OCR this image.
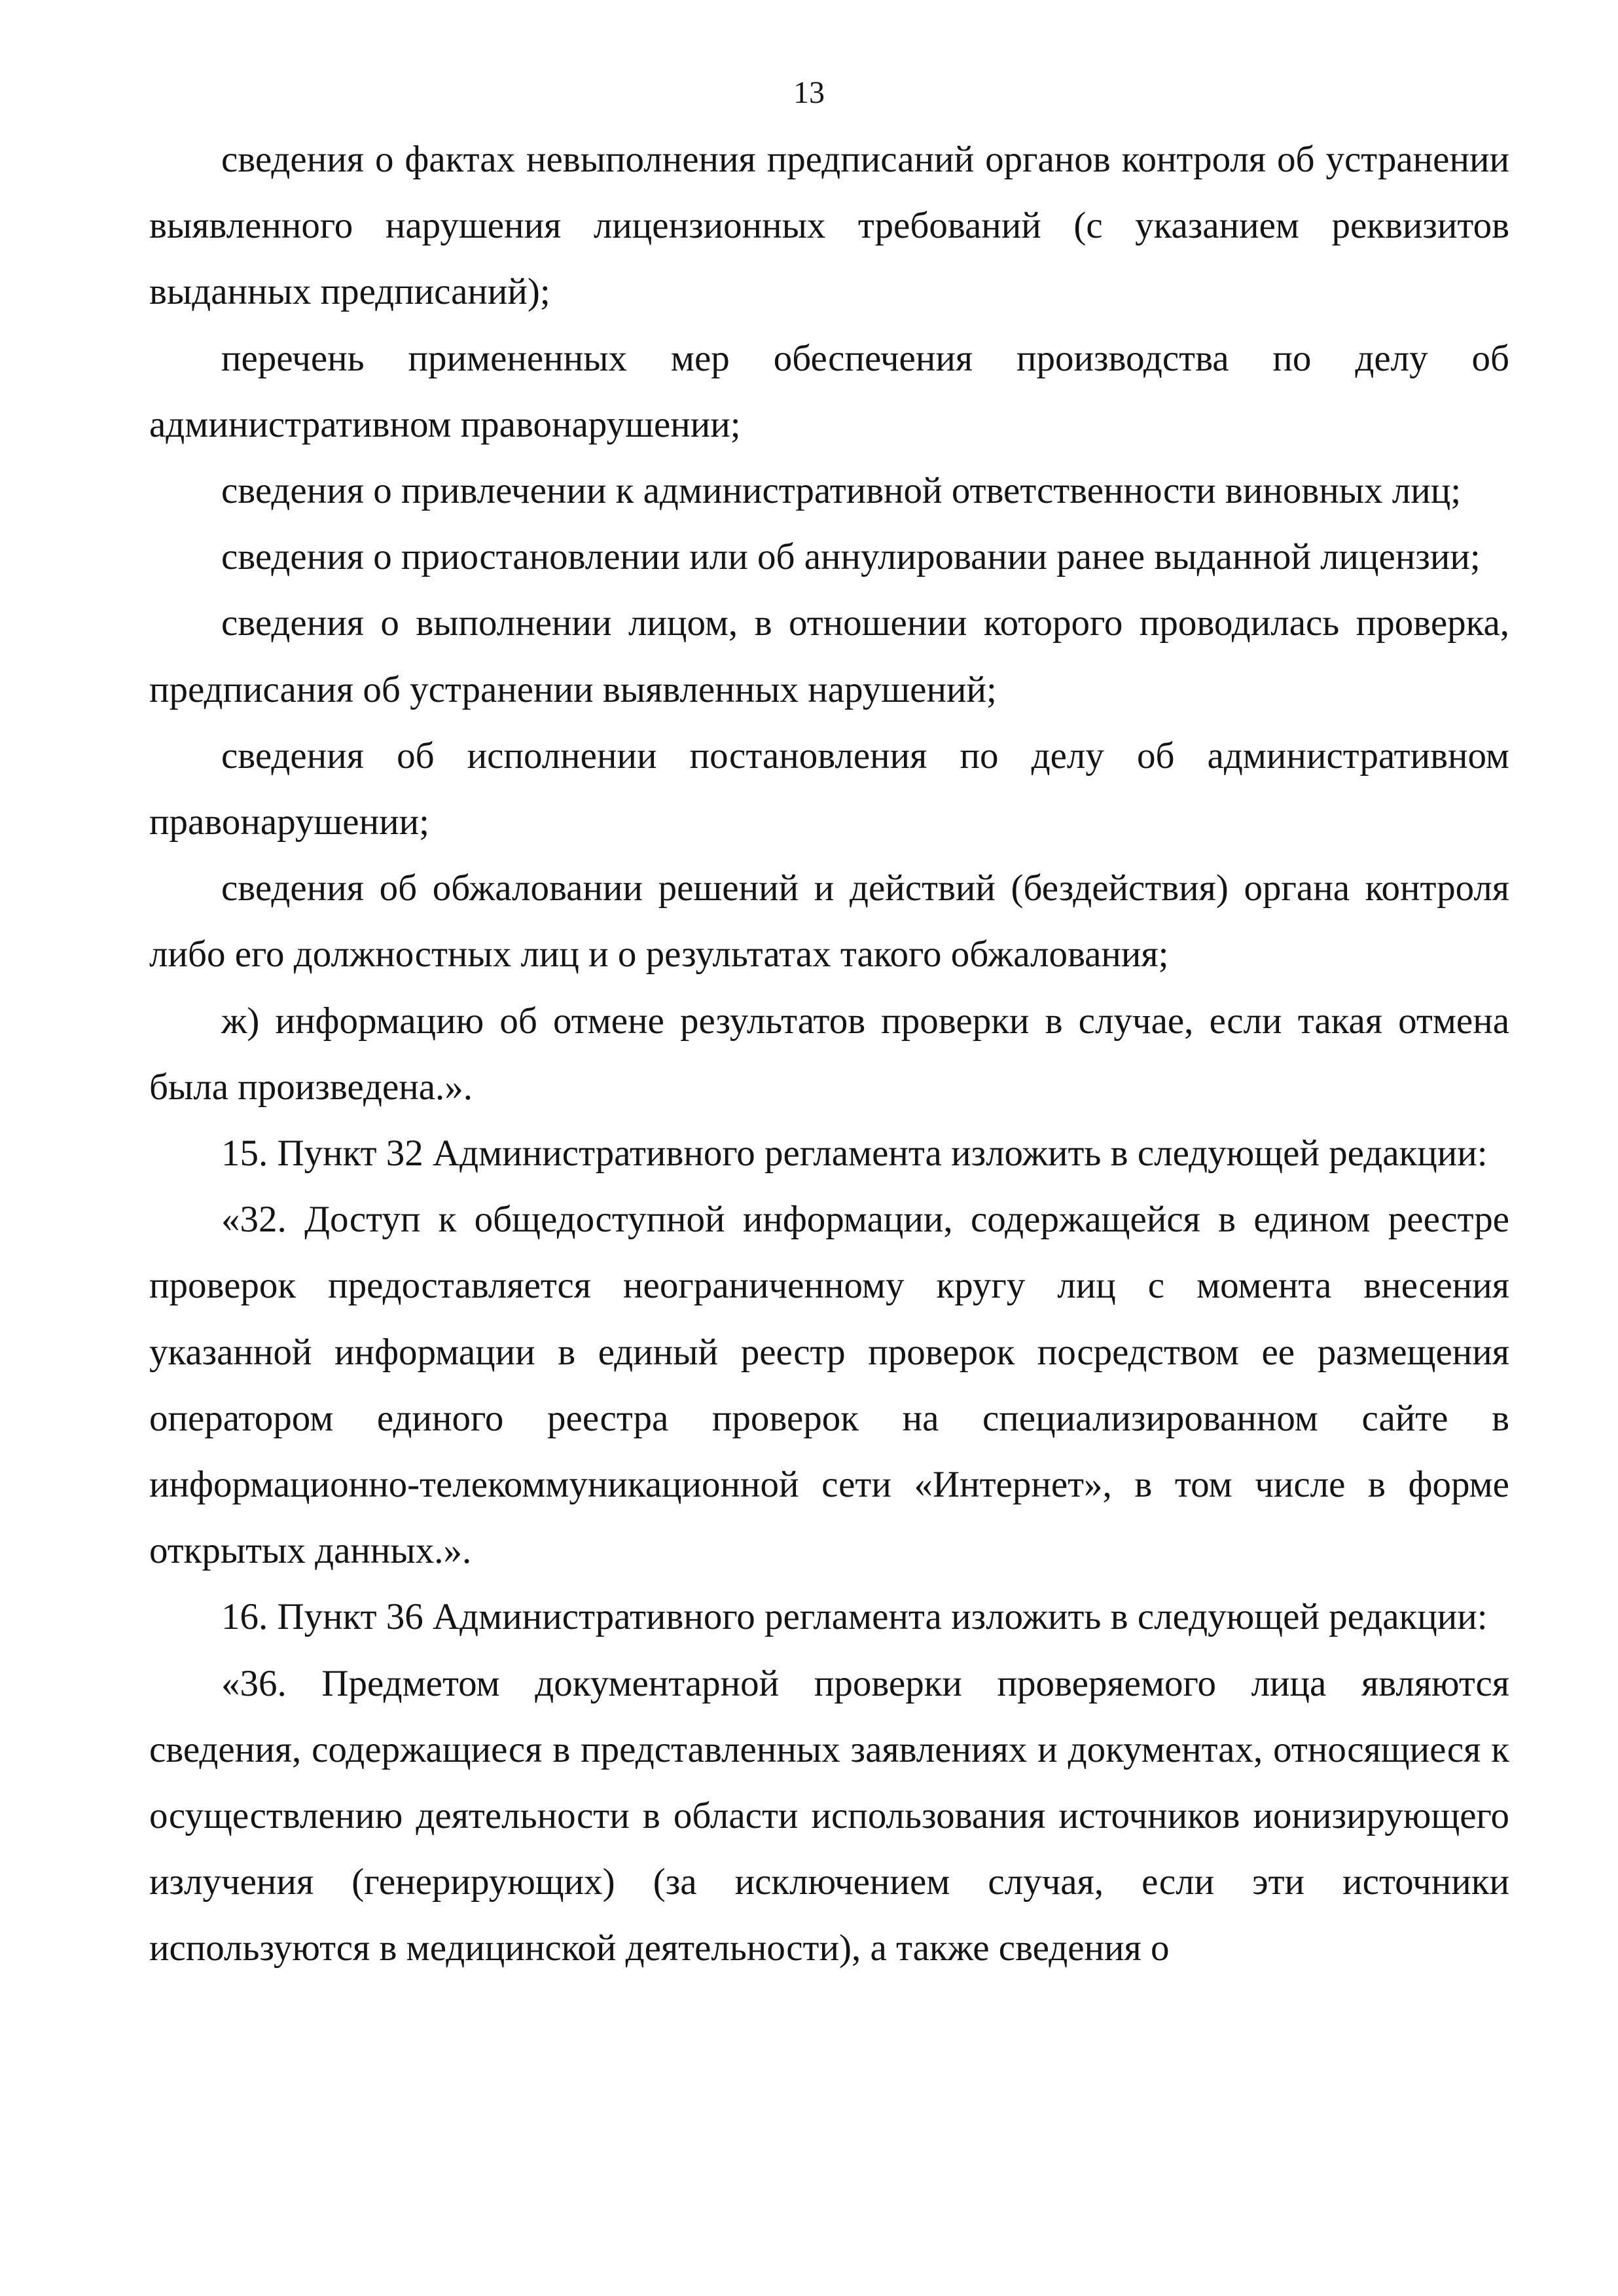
13

сведения о фактах невыполнения предписаний органов контроля об устранении выявленного нарушения лицензионных требований (с указанием реквизитов выданных предписаний);

перечень примененных мер обеспечения производства по делу об административном правонарушении;

сведения о привлечении к административной ответственности виновных лиц;

сведения о приостановлении или об аннулировании ранее выданной лицензии;

сведения о выполнении лицом, в отношении которого проводилась проверка, предписания об устранении выявленных нарушений;

сведения об исполнении постановления по делу об административном правонарушении;

сведения об обжаловании решений и действий (бездействия) органа контроля либо его должностных лиц и о результатах такого обжалования;

ж) информацию об отмене результатов проверки в случае, если такая отмена была произведена.».

15. Пункт 32 Административного регламента изложить в следующей редакции:

«32. Доступ к общедоступной информации, содержащейся в едином реестре проверок предоставляется неограниченному кругу лиц с момента внесения указанной информации в единый реестр проверок посредством ее размещения оператором единого реестра проверок на специализированном сайте в информационно-телекоммуникационной сети «Интернет», в том числе в форме открытых данных.».

16. Пункт 36 Административного регламента изложить в следующей редакции:

«36. Предметом документарной проверки проверяемого лица являются сведения, содержащиеся в представленных заявлениях и документах, относящиеся к осуществлению деятельности в области использования источников ионизирующего излучения (генерирующих) (за исключением случая, если эти источники используются в медицинской деятельности), а также сведения о
